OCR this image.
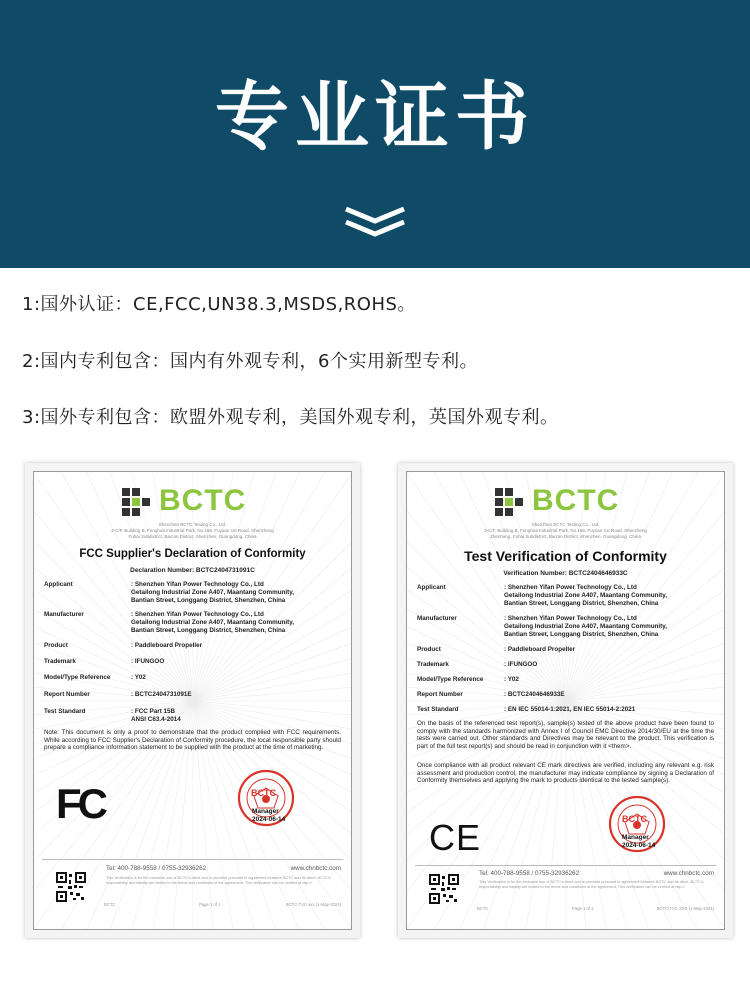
专业证书
1:国外认证：CE,FCC,UN38.3,MSDS,ROHS。
2:国内专利包含：国内有外观专利，6个实用新型专利。
3:国外专利包含：欧盟外观专利，美国外观专利，英国外观专利。
BCTC
Shenzhen BCTC Testing Co., Ltd.
3-C/F, Building B, Fenghua Industrial Park, No.168, Fuyuan 1st Road, Shenzheng
Fuhai Subdistrict, Bao'an District, Shenzhen, Guangdong, China
FCC Supplier's Declaration of Conformity
Declaration Number: BCTC2404731091C
Applicant	: Shenzhen Yifan Power Technology Co., Ltd
Getailong Industrial Zone A407, Maantang Community,
Bantian Street, Longgang District, Shenzhen, China
Manufacturer	: Shenzhen Yifan Power Technology Co., Ltd
Getailong Industrial Zone A407, Maantang Community,
Bantian Street, Longgang District, Shenzhen, China
Product	: Paddleboard Propeller
Trademark	: IFUNGOO
Model/Type Reference	: Y02
Report Number	: BCTC2404731091E
Test Standard	: FCC Part 15B
ANSI C63.4-2014
Note: This document is only a proof to demonstrate that the product complied with FCC requirements. While according to FCC Supplier's Declaration of Conformity procedure, the local responsible party should prepare a compliance information statement to be supplied with the product at the time of marketing.
FC	BCTC
Manager
2024-06-14
Tel: 400-788-9558 / 0755-32936262	www.chnbctc.com
This Verification is for the exclusive use of BCTC's client and is provided pursuant to agreement between BCTC and its client. BCTC's responsibility and liability are limited to the terms and conditions of the agreement. This verification can be verified at http://
BCTC	Page 1 of 1	BCTC-TVC-xxx (1-May-2024)
BCTC
Shenzhen BCTC Testing Co., Ltd.
3-C/F, Building B, Fenghua Industrial Park, No.168, Fuyuan 1st Road, Shenzheng
Zhenhang, Fuhai Subdistrict, Bao'an District, Shenzhen, Guangdong, China
Test Verification of Conformity
Verification Number: BCTC2404646933C
Applicant	: Shenzhen Yifan Power Technology Co., Ltd
Getailong Industrial Zone A407, Maantang Community,
Bantian Street, Longgang District, Shenzhen, China
Manufacturer	: Shenzhen Yifan Power Technology Co., Ltd
Getailong Industrial Zone A407, Maantang Community,
Bantian Street, Longgang District, Shenzhen, China
Product	: Paddleboard Propeller
Trademark	: IFUNGOO
Model/Type Reference	: Y02
Report Number	: BCTC2404646933E
Test Standard	: EN IEC 55014-1:2021, EN IEC 55014-2:2021
On the basis of the referenced test report(s), sample(s) tested of the above product have been found to comply with the standards harmonized with Annex I of Council EMC Directive 2014/30/EU at the time the tests were carried out. Other standards and Directives may be relevant to the product. This verification is part of the full test report(s) and should be read in conjunction with it <them>.
Once compliance with all product relevant CE mark directives are verified, including any relevant e.g. risk assessment and production control, the manufacturer may indicate compliance by signing a Declaration of Conformity themselves and applying the mark to products identical to the tested sample(s).
CE	BCTC
Manager
2024-06-14
Tel: 400-788-9558 / 0755-32936262	www.chnbctc.com
This Verification is for the exclusive use of BCTC's client and is provided pursuant to agreement between BCTC and its client. BCTC's responsibility and liability are limited to the terms and conditions of the agreement. This verification can be verified at http://
BCTC	Page 1 of 1	BCTC/TVC-XXX-(1-May-2024)
